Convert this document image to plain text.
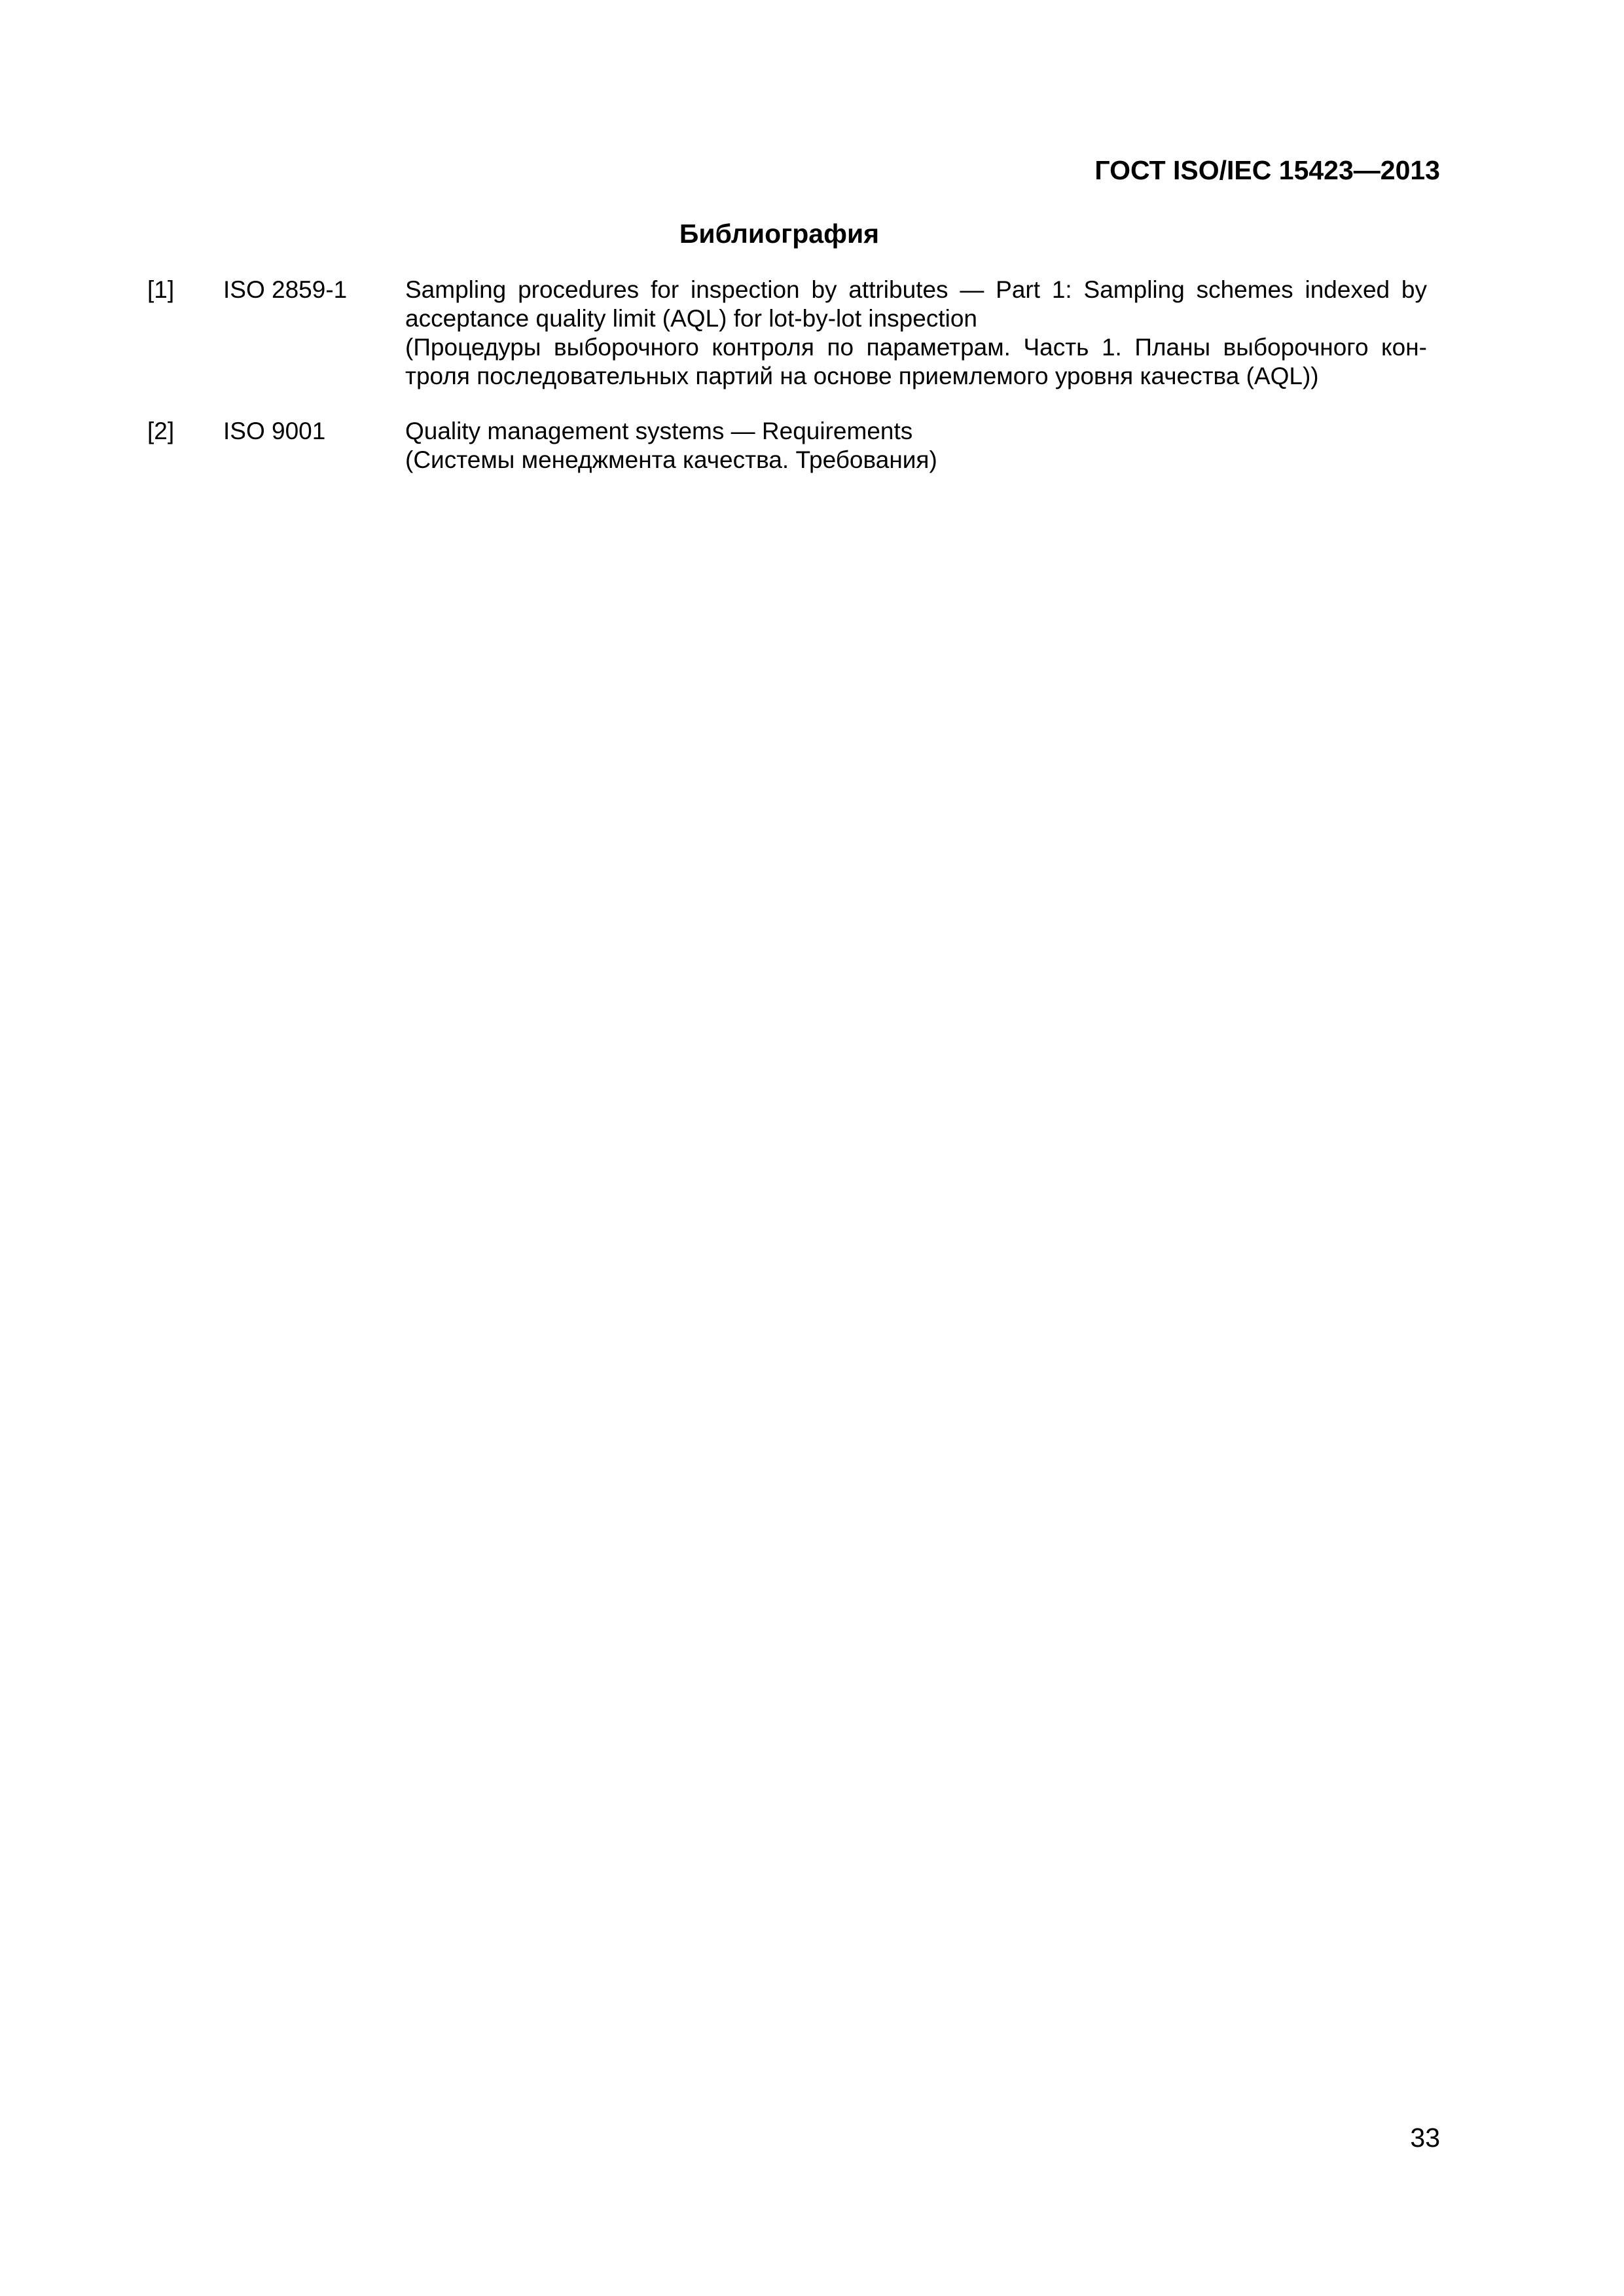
ГОСТ ISO/IEC 15423—2013
Библиография
[1] ISO 2859-1 Sampling procedures for inspection by attributes — Part 1: Sampling schemes indexed by
acceptance quality limit (AQL) for lot-by-lot inspection
(Процедуры выборочного контроля по параметрам. Часть 1. Планы выборочного кон-
троля последовательных партий на основе приемлемого уровня качества (AQL))
[2] ISO 9001	Quality management systems — Requirements
(Системы менеджмента качества. Требования)
33
